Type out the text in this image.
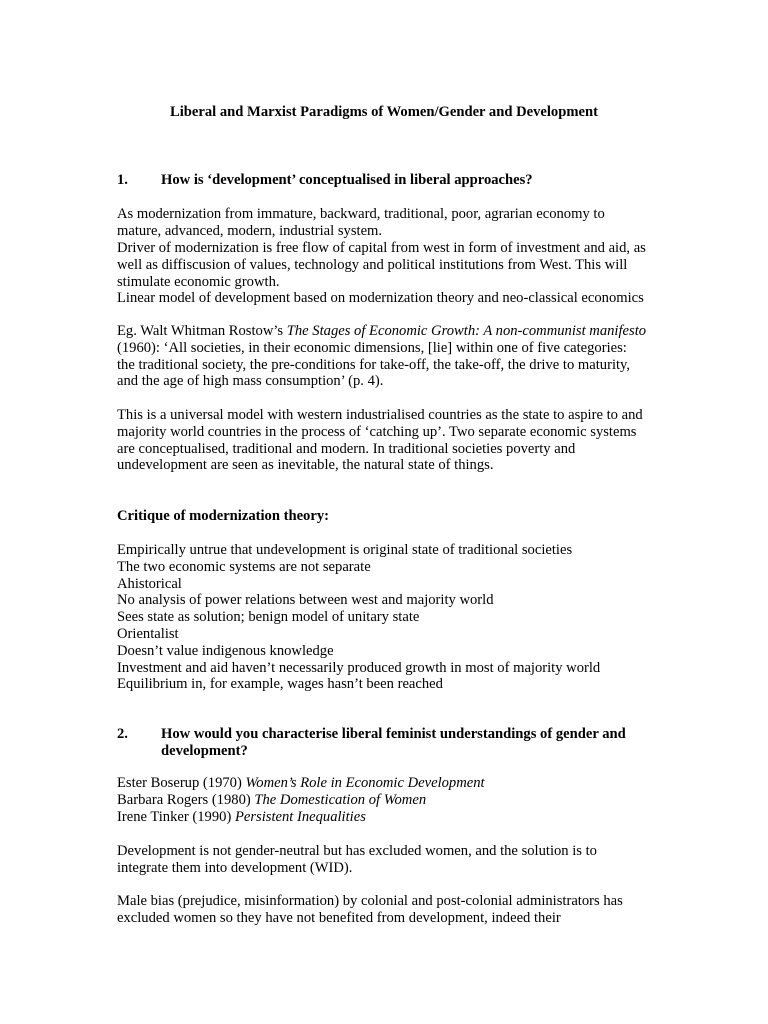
Liberal and Marxist Paradigms of Women/Gender and Development

1.	How is ‘development’ conceptualised in liberal approaches?

As modernization from immature, backward, traditional, poor, agrarian economy to mature, advanced, modern, industrial system.

Driver of modernization is free flow of capital from west in form of investment and aid, as well as diffiscusion of values, technology and political institutions from West. This will stimulate economic growth.

Linear model of development based on modernization theory and neo-classical economics

Eg. Walt Whitman Rostow’s The Stages of Economic Growth: A non-communist manifesto (1960): ‘All societies, in their economic dimensions, [lie] within one of five categories: the traditional society, the pre-conditions for take-off, the take-off, the drive to maturity, and the age of high mass consumption’ (p. 4).

This is a universal model with western industrialised countries as the state to aspire to and majority world countries in the process of ‘catching up’. Two separate economic systems are conceptualised, traditional and modern. In traditional societies poverty and undevelopment are seen as inevitable, the natural state of things.

Critique of modernization theory:

Empirically untrue that undevelopment is original state of traditional societies
The two economic systems are not separate
Ahistorical
No analysis of power relations between west and majority world
Sees state as solution; benign model of unitary state
Orientalist
Doesn’t value indigenous knowledge
Investment and aid haven’t necessarily produced growth in most of majority world
Equilibrium in, for example, wages hasn’t been reached
2.	How would you characterise liberal feminist understandings of gender and development?
Ester Boserup (1970) Women’s Role in Economic Development
Barbara Rogers (1980) The Domestication of Women
Irene Tinker (1990) Persistent Inequalities

Development is not gender-neutral but has excluded women, and the solution is to integrate them into development (WID).

Male bias (prejudice, misinformation) by colonial and post-colonial administrators has excluded women so they have not benefited from development, indeed their
